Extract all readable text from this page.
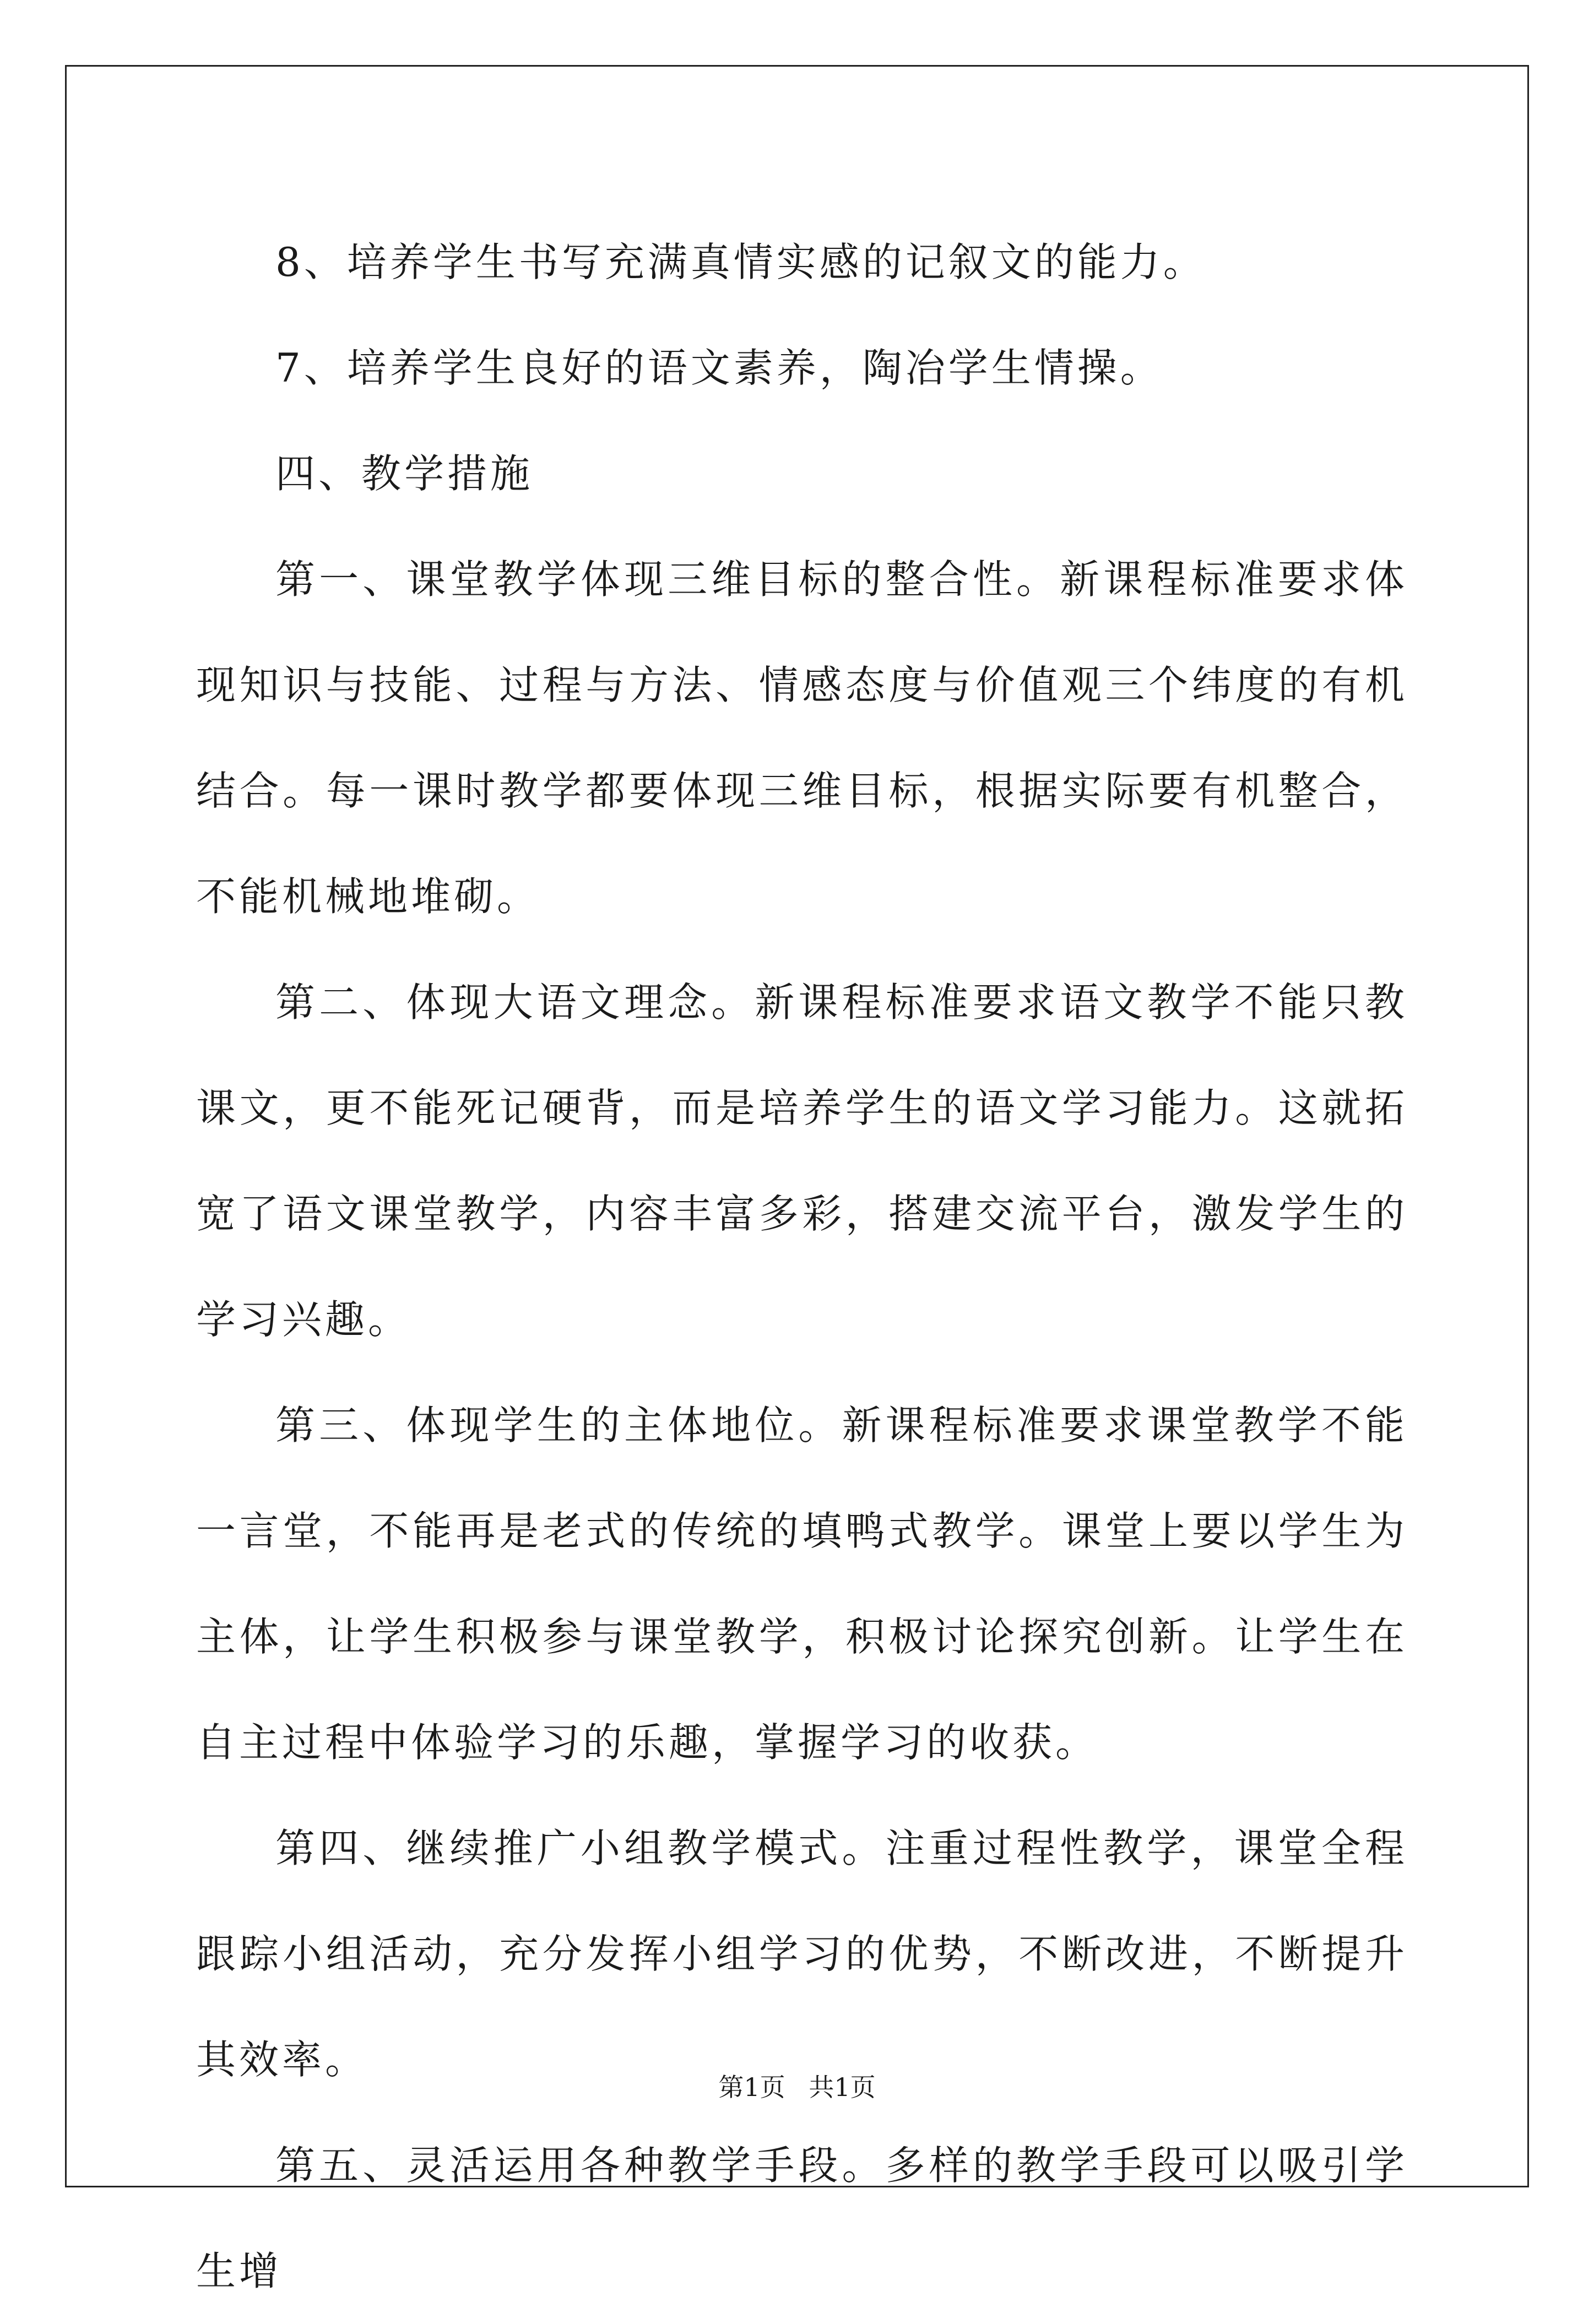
8、培养学生书写充满真情实感的记叙文的能力。

7、培养学生良好的语文素养，陶冶学生情操。

四、教学措施

第一、课堂教学体现三维目标的整合性。新课程标准要求体现知识与技能、过程与方法、情感态度与价值观三个纬度的有机结合。每一课时教学都要体现三维目标，根据实际要有机整合，不能机械地堆砌。

第二、体现大语文理念。新课程标准要求语文教学不能只教课文，更不能死记硬背，而是培养学生的语文学习能力。这就拓宽了语文课堂教学，内容丰富多彩，搭建交流平台，激发学生的学习兴趣。

第三、体现学生的主体地位。新课程标准要求课堂教学不能一言堂，不能再是老式的传统的填鸭式教学。课堂上要以学生为主体，让学生积极参与课堂教学，积极讨论探究创新。让学生在自主过程中体验学习的乐趣，掌握学习的收获。

第四、继续推广小组教学模式。注重过程性教学，课堂全程跟踪小组活动，充分发挥小组学习的优势，不断改进，不断提升其效率。

第五、灵活运用各种教学手段。多样的教学手段可以吸引学生增

第1页 共1页
